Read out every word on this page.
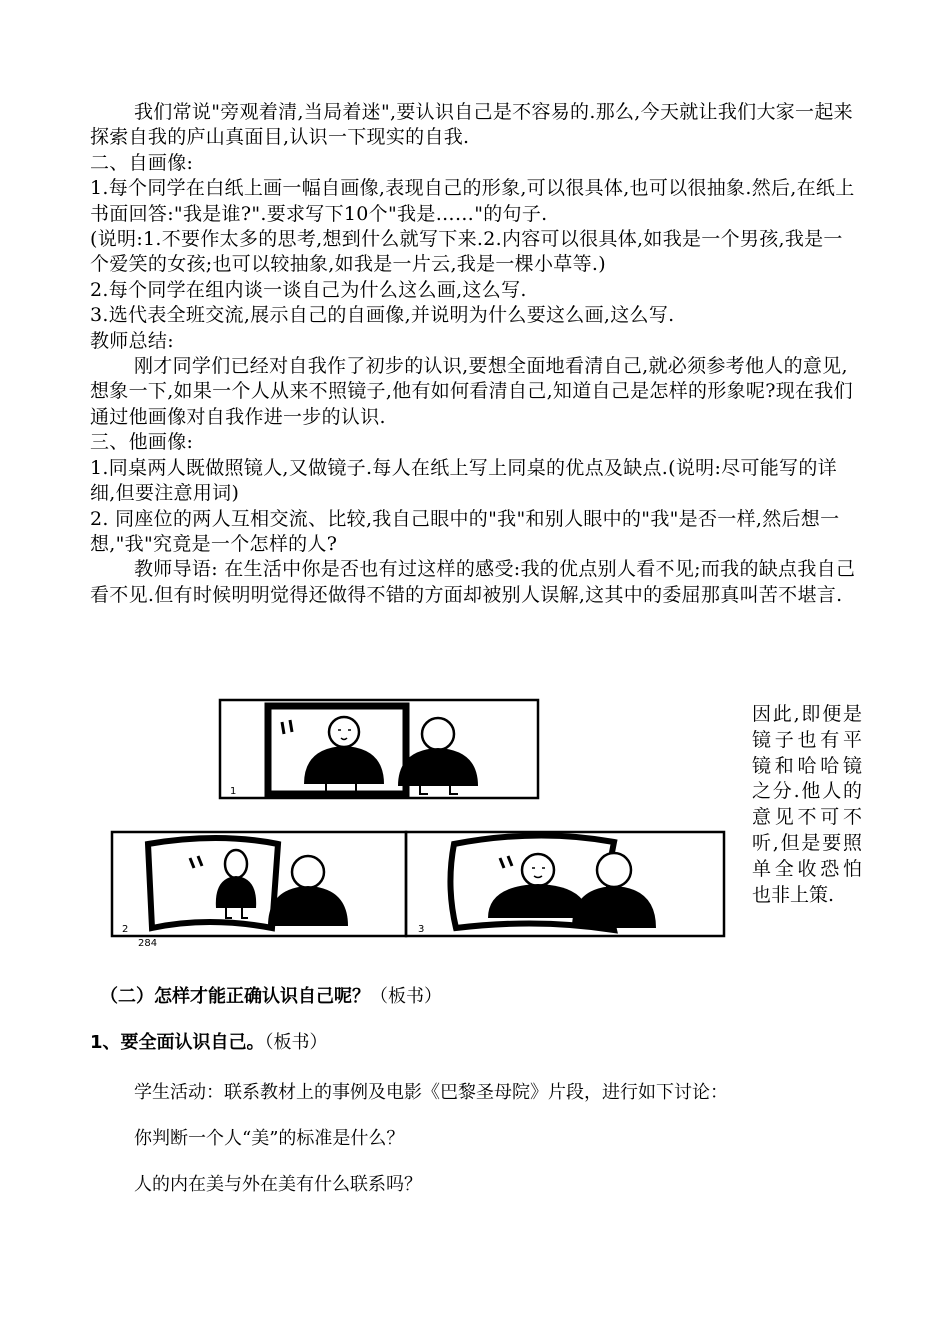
我们常说"旁观着清,当局着迷",要认识自己是不容易的.那么,今天就让我们大家一起来探索自我的庐山真面目,认识一下现实的自我.

二、自画像:

1.每个同学在白纸上画一幅自画像,表现自己的形象,可以很具体,也可以很抽象.然后,在纸上书面回答:"我是谁?".要求写下10个"我是……"的句子.

(说明:1.不要作太多的思考,想到什么就写下来.2.内容可以很具体,如我是一个男孩,我是一个爱笑的女孩;也可以较抽象,如我是一片云,我是一棵小草等.)

2.每个同学在组内谈一谈自己为什么这么画,这么写.

3.选代表全班交流,展示自己的自画像,并说明为什么要这么画,这么写.

教师总结:

刚才同学们已经对自我作了初步的认识,要想全面地看清自己,就必须参考他人的意见,想象一下,如果一个人从来不照镜子,他有如何看清自己,知道自己是怎样的形象呢?现在我们通过他画像对自我作进一步的认识.

三、他画像:

1.同桌两人既做照镜人,又做镜子.每人在纸上写上同桌的优点及缺点.(说明:尽可能写的详细,但要注意用词)

2. 同座位的两人互相交流、比较,我自己眼中的"我"和别人眼中的"我"是否一样,然后想一想,"我"究竟是一个怎样的人?

教师导语: 在生活中你是否也有过这样的感受:我的优点别人看不见;而我的缺点我自己看不见.但有时候明明觉得还做得不错的方面却被别人误解,这其中的委屈那真叫苦不堪言.

1
2
284
3
因此,即便是镜子也有平镜和哈哈镜之分.他人的意见不可不听,但是要照单全收恐怕也非上策.
（二）怎样才能正确认识自己呢？（板书）
1、要全面认识自己。（板书）
学生活动：联系教材上的事例及电影《巴黎圣母院》片段，进行如下讨论：
你判断一个人“美”的标准是什么？
人的内在美与外在美有什么联系吗？
